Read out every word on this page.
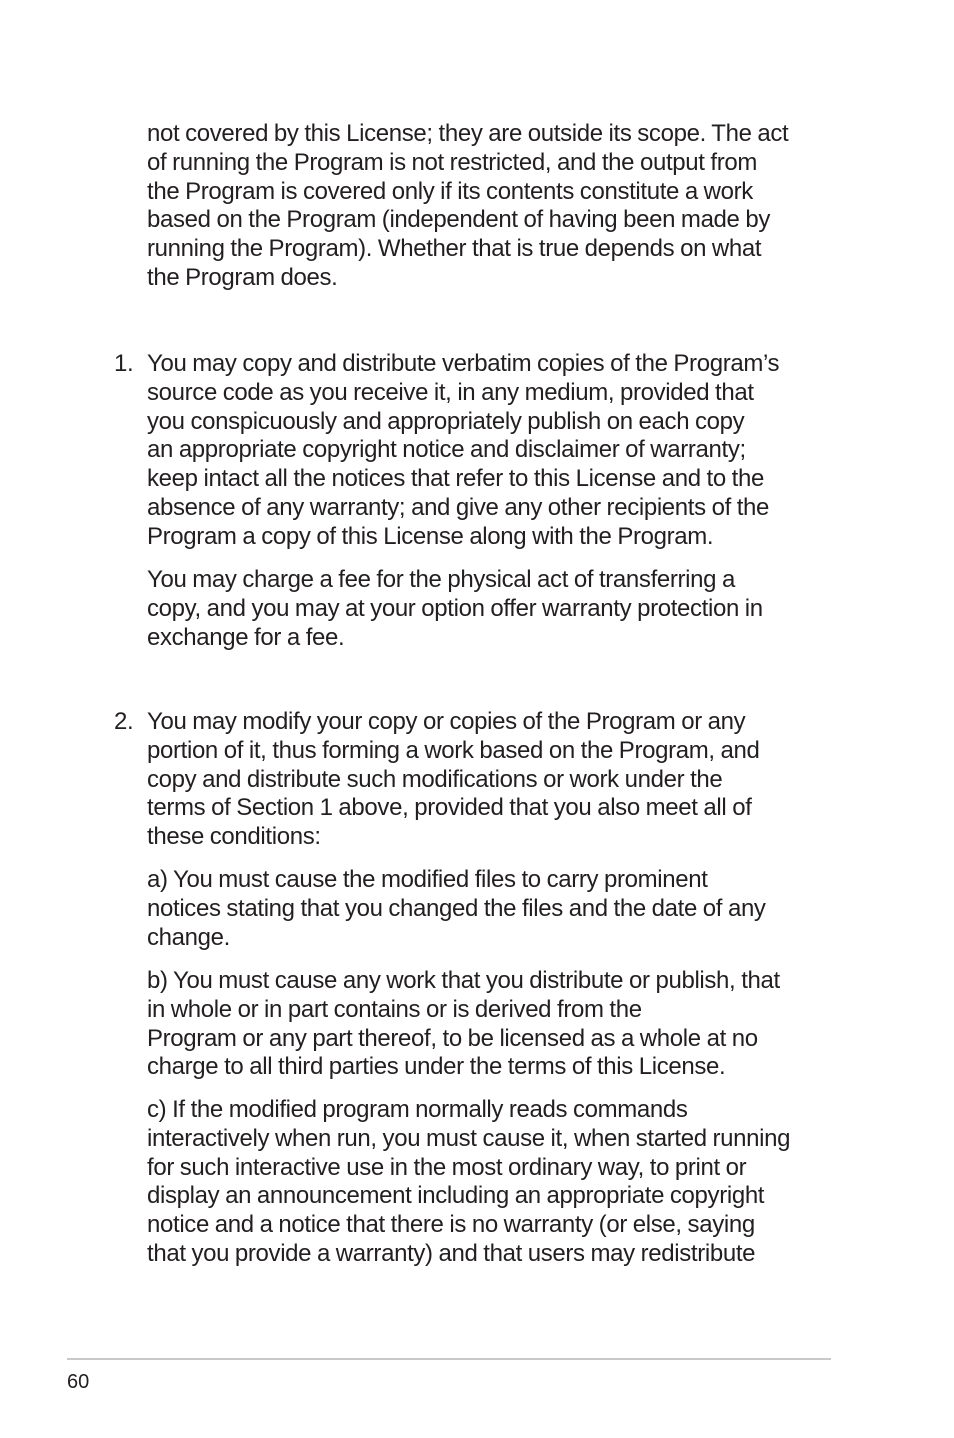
not covered by this License; they are outside its scope. The act
of running the Program is not restricted, and the output from
the Program is covered only if its contents constitute a work
based on the Program (independent of having been made by
running the Program). Whether that is true depends on what
the Program does.
1. You may copy and distribute verbatim copies of the Program’s
source code as you receive it, in any medium, provided that
you conspicuously and appropriately publish on each copy
an appropriate copyright notice and disclaimer of warranty;
keep intact all the notices that refer to this License and to the
absence of any warranty; and give any other recipients of the
Program a copy of this License along with the Program.
You may charge a fee for the physical act of transferring a
copy, and you may at your option offer warranty protection in
exchange for a fee.
2. You may modify your copy or copies of the Program or any
portion of it, thus forming a work based on the Program, and
copy and distribute such modifications or work under the
terms of Section 1 above, provided that you also meet all of
these conditions:
a) You must cause the modified files to carry prominent
notices stating that you changed the files and the date of any
change.
b) You must cause any work that you distribute or publish, that
in whole or in part contains or is derived from the
Program or any part thereof, to be licensed as a whole at no
charge to all third parties under the terms of this License.
c) If the modified program normally reads commands
interactively when run, you must cause it, when started running
for such interactive use in the most ordinary way, to print or
display an announcement including an appropriate copyright
notice and a notice that there is no warranty (or else, saying
that you provide a warranty) and that users may redistribute
60
